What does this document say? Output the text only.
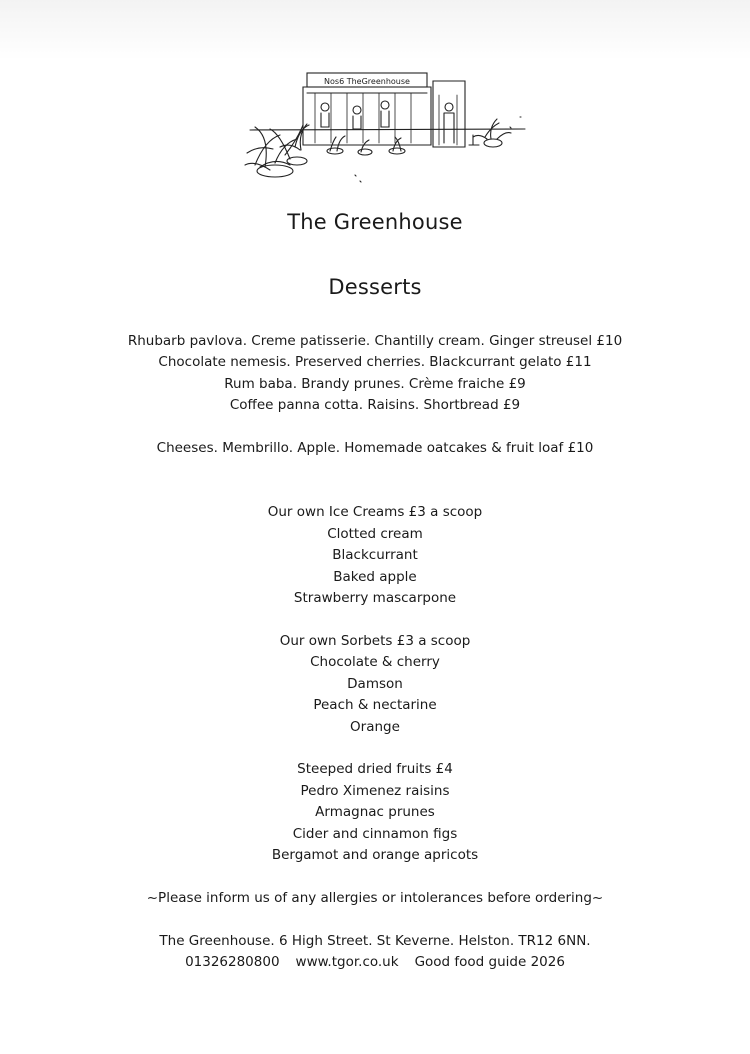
Nos6 TheGreenhouse
The Greenhouse
Desserts
Rhubarb pavlova. Creme patisserie. Chantilly cream. Ginger streusel £10
Chocolate nemesis. Preserved cherries. Blackcurrant gelato £11
Rum baba. Brandy prunes. Crème fraiche £9
Coffee panna cotta. Raisins. Shortbread £9
Cheeses. Membrillo. Apple. Homemade oatcakes & fruit loaf £10
Our own Ice Creams £3 a scoop
Clotted cream
Blackcurrant
Baked apple
Strawberry mascarpone
Our own Sorbets £3 a scoop
Chocolate & cherry
Damson
Peach & nectarine
Orange
Steeped dried fruits £4
Pedro Ximenez raisins
Armagnac prunes
Cider and cinnamon figs
Bergamot and orange apricots
~Please inform us of any allergies or intolerances before ordering~
The Greenhouse. 6 High Street. St Keverne. Helston. TR12 6NN.
01326280800 www.tgor.co.uk Good food guide 2026
